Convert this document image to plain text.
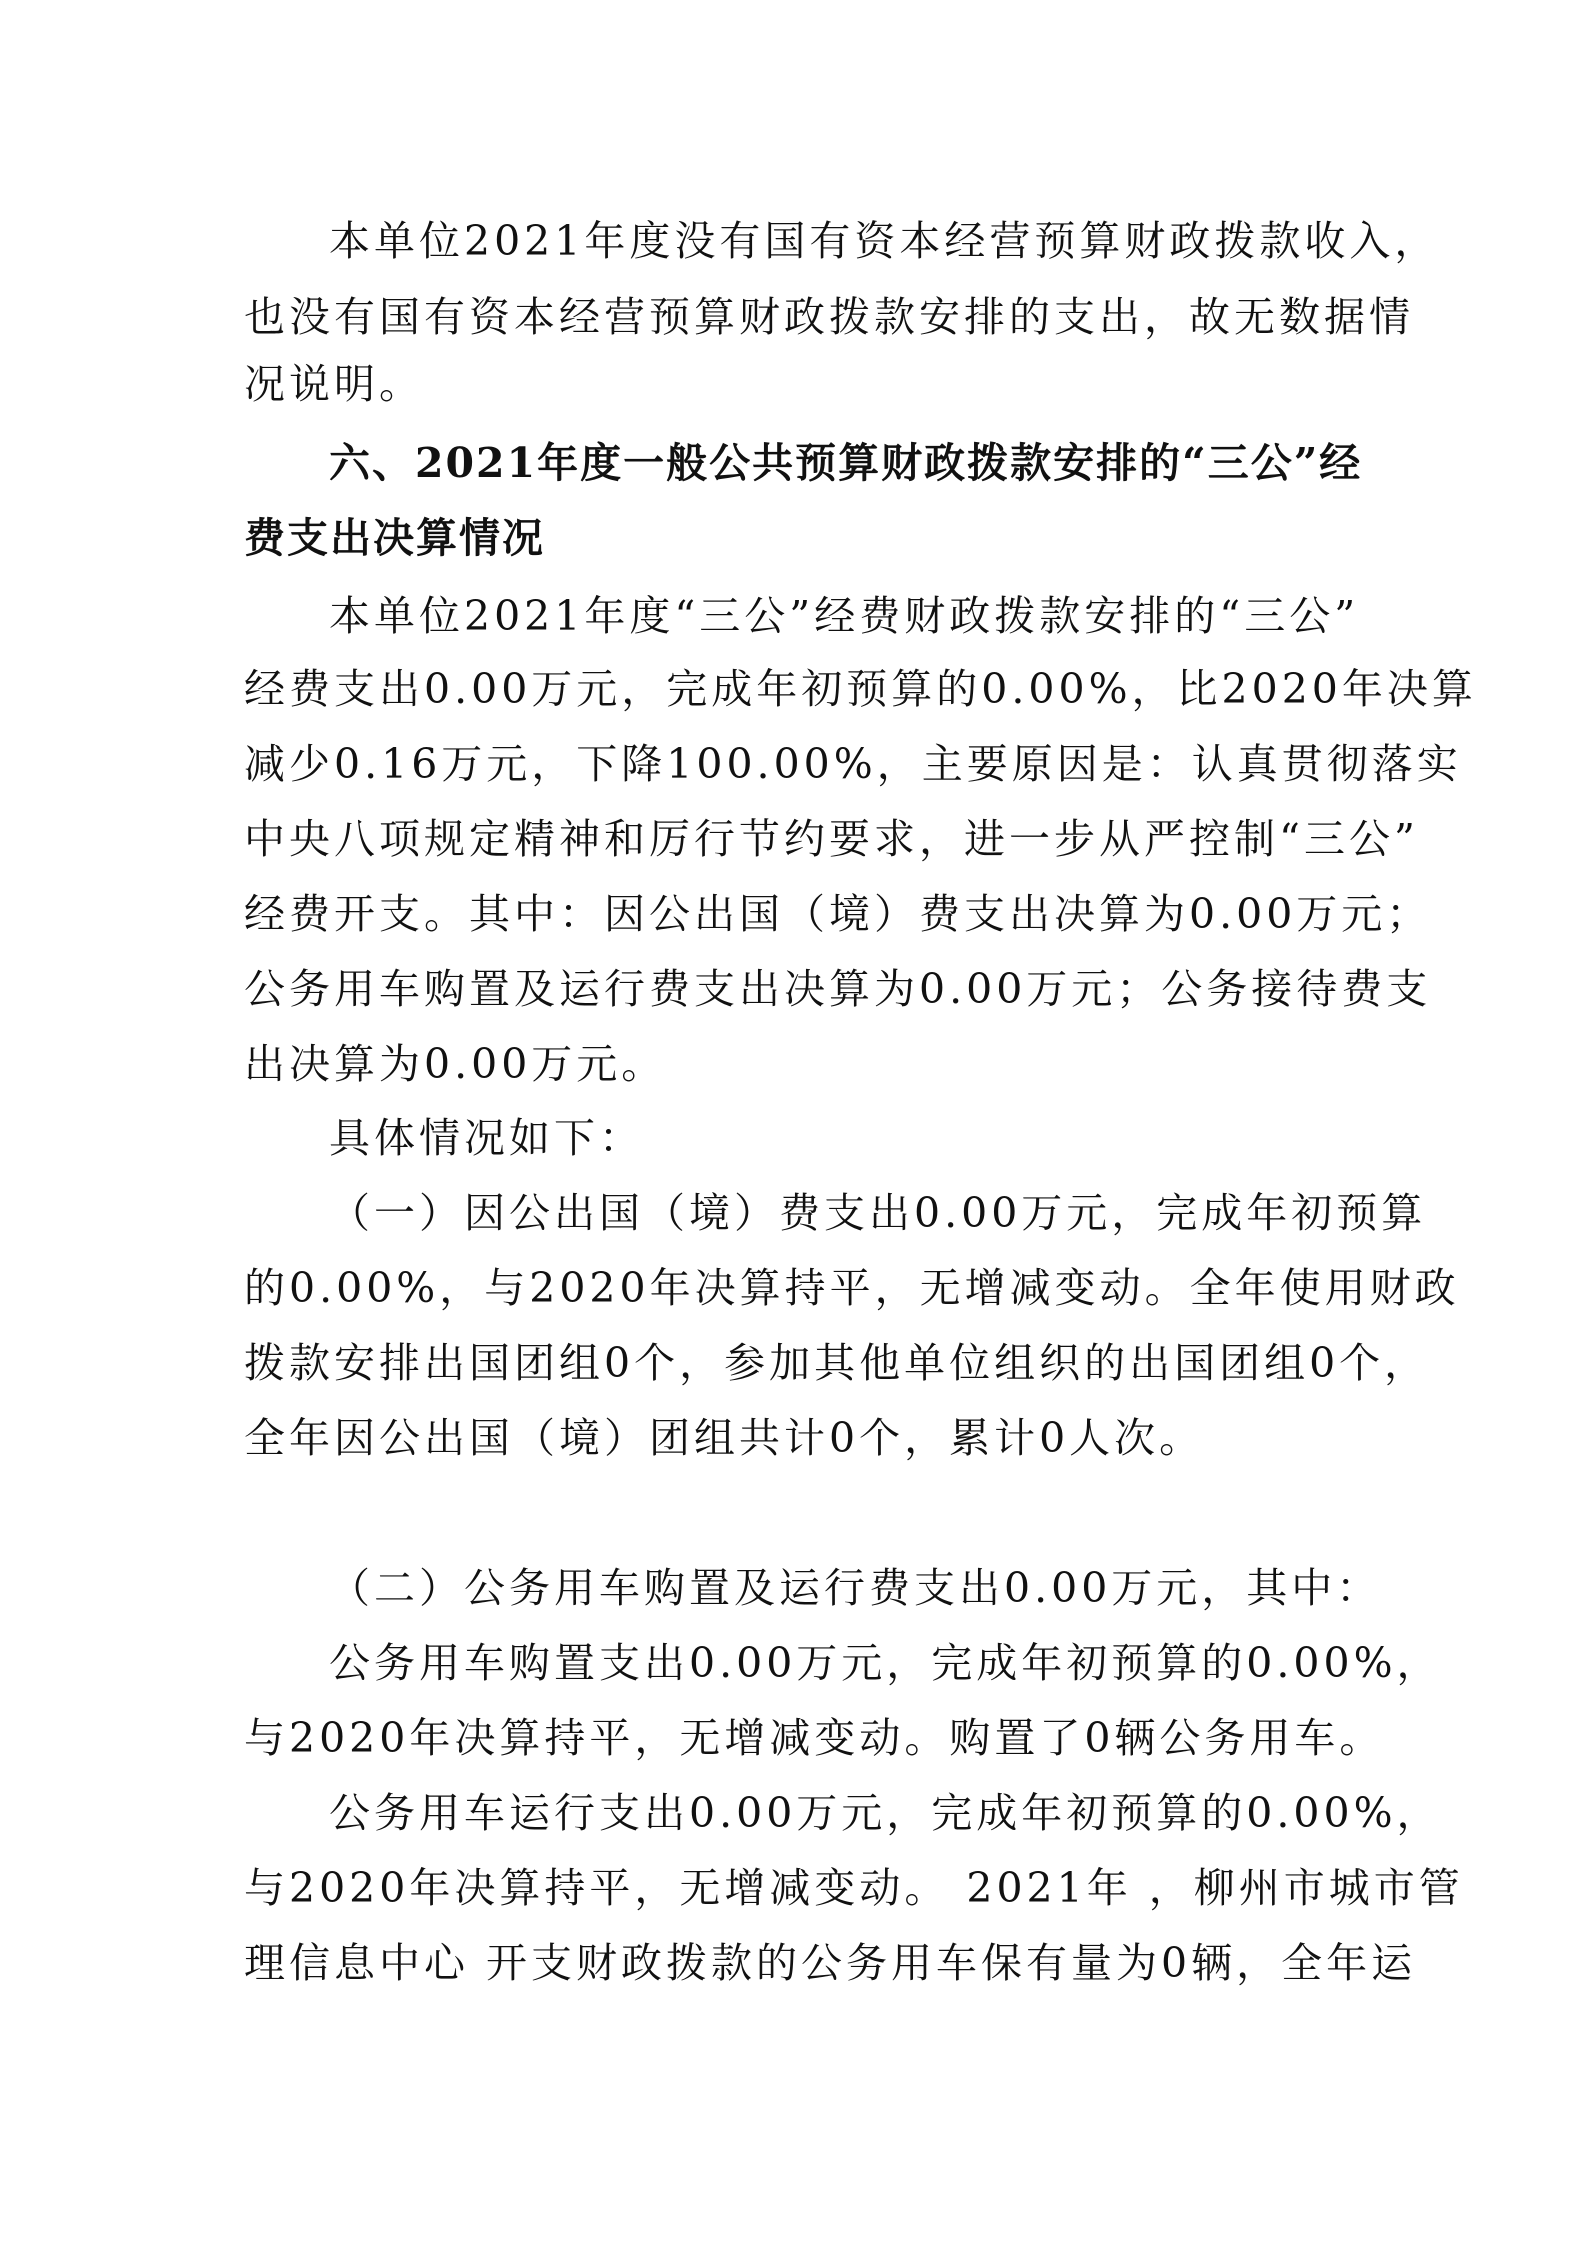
本单位2021年度没有国有资本经营预算财政拨款收入，
也没有国有资本经营预算财政拨款安排的支出，故无数据情
况说明。
六、2021年度一般公共预算财政拨款安排的“三公”经
费支出决算情况
本单位2021年度“三公”经费财政拨款安排的“三公”
经费支出0.00万元，完成年初预算的0.00%，比2020年决算
减少0.16万元，下降100.00%，主要原因是：认真贯彻落实
中央八项规定精神和厉行节约要求，进一步从严控制“三公”
经费开支。其中：因公出国（境）费支出决算为0.00万元；
公务用车购置及运行费支出决算为0.00万元；公务接待费支
出决算为0.00万元。
具体情况如下：
（一）因公出国（境）费支出0.00万元，完成年初预算
的0.00%，与2020年决算持平，无增减变动。全年使用财政
拨款安排出国团组0个，参加其他单位组织的出国团组0个，
全年因公出国（境）团组共计0个，累计0人次。
（二）公务用车购置及运行费支出0.00万元，其中：
公务用车购置支出0.00万元，完成年初预算的0.00%，
与2020年决算持平，无增减变动。购置了0辆公务用车。
公务用车运行支出0.00万元，完成年初预算的0.00%，
与2020年决算持平，无增减变动。 2021年 ，柳州市城市管
理信息中心 开支财政拨款的公务用车保有量为0辆，全年运
